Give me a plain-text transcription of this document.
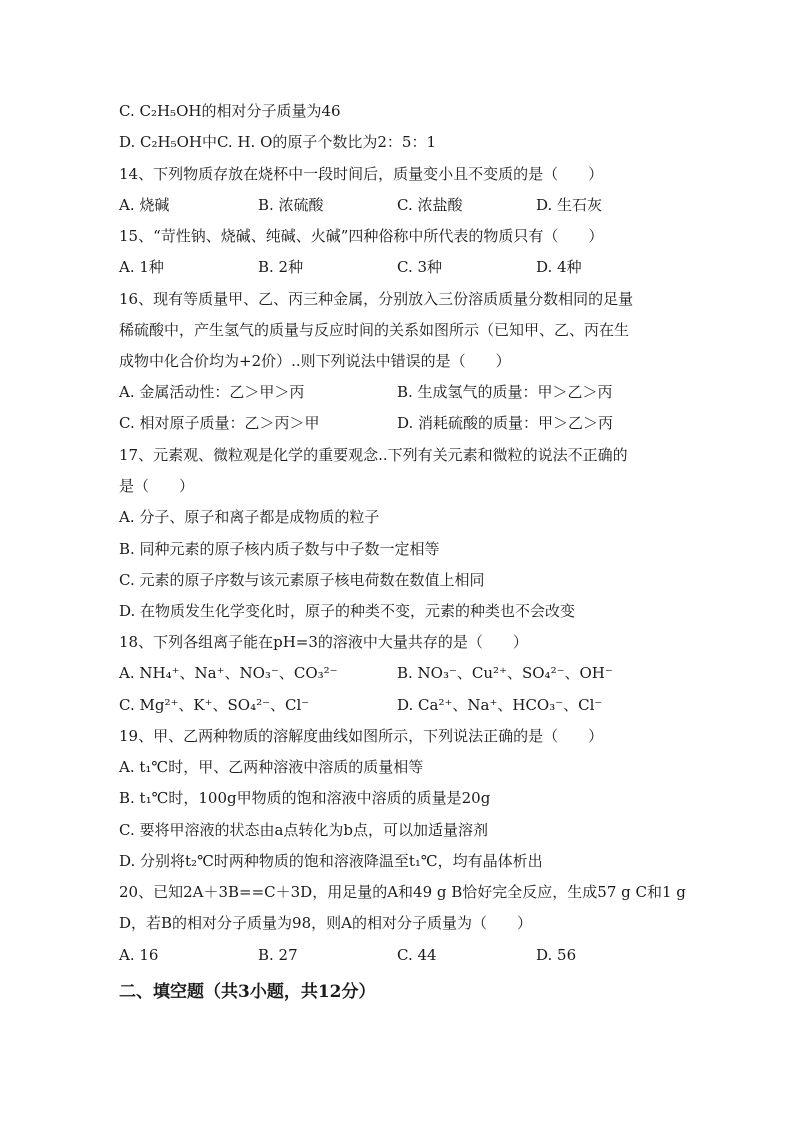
C. C₂H₅OH的相对分子质量为46
D. C₂H₅OH中C. H. O的原子个数比为2：5：1
14、下列物质存放在烧杯中一段时间后，质量变小且不变质的是（　　）
A. 烧碱	B. 浓硫酸	C. 浓盐酸	D. 生石灰
15、“苛性钠、烧碱、纯碱、火碱”四种俗称中所代表的物质只有（　　）
A. 1种	B. 2种	C. 3种	D. 4种
16、现有等质量甲、乙、丙三种金属，分别放入三份溶质质量分数相同的足量
稀硫酸中，产生氢气的质量与反应时间的关系如图所示（已知甲、乙、丙在生
成物中化合价均为+2价）..则下列说法中错误的是（　　）
A. 金属活动性：乙＞甲＞丙	B. 生成氢气的质量：甲＞乙＞丙
C. 相对原子质量：乙＞丙＞甲	D. 消耗硫酸的质量：甲＞乙＞丙
17、元素观、微粒观是化学的重要观念..下列有关元素和微粒的说法不正确的
是（　　）
A. 分子、原子和离子都是成物质的粒子
B. 同种元素的原子核内质子数与中子数一定相等
C. 元素的原子序数与该元素原子核电荷数在数值上相同
D. 在物质发生化学变化时，原子的种类不变，元素的种类也不会改变
18、下列各组离子能在pH=3的溶液中大量共存的是（　　）
A. NH₄⁺、Na⁺、NO₃⁻、CO₃²⁻	B. NO₃⁻、Cu²⁺、SO₄²⁻、OH⁻
C. Mg²⁺、K⁺、SO₄²⁻、Cl⁻	D. Ca²⁺、Na⁺、HCO₃⁻、Cl⁻
19、甲、乙两种物质的溶解度曲线如图所示，下列说法正确的是（　　）
A. t₁℃时，甲、乙两种溶液中溶质的质量相等
B. t₁℃时，100g甲物质的饱和溶液中溶质的质量是20g
C. 要将甲溶液的状态由a点转化为b点，可以加适量溶剂
D. 分别将t₂℃时两种物质的饱和溶液降温至t₁℃，均有晶体析出
20、已知2A＋3B==C＋3D，用足量的A和49 g B恰好完全反应，生成57 g C和1 g
D，若B的相对分子质量为98，则A的相对分子质量为（　　）
A. 16	B. 27	C. 44	D. 56
二、填空题（共3小题，共12分）
